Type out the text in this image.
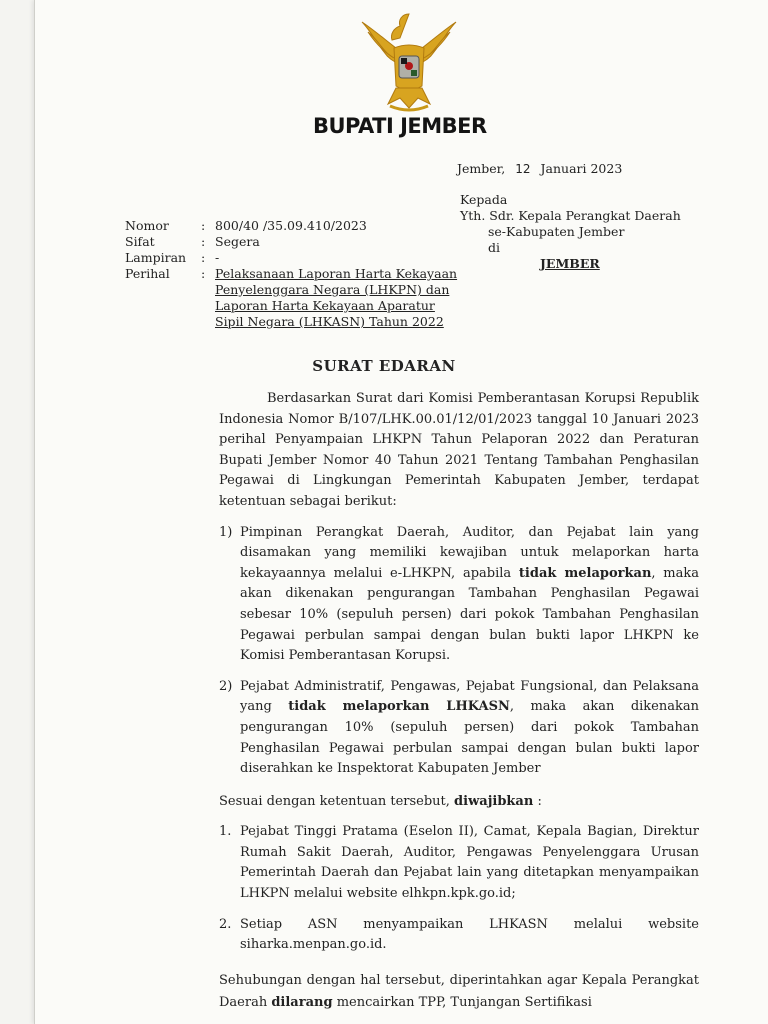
BUPATI JEMBER
Jember, 12 Januari 2023
Kepada
Yth. Sdr. Kepala Perangkat Daerah
se-Kabupaten Jember
di
JEMBER
Nomor	: 800/40 /35.09.410/2023
Sifat	: Segera
Lampiran	: -
Perihal	: Pelaksanaan Laporan Harta Kekayaan Penyelenggara Negara (LHKPN) dan Laporan Harta Kekayaan Aparatur Sipil Negara (LHKASN) Tahun 2022
SURAT EDARAN
Berdasarkan Surat dari Komisi Pemberantasan Korupsi Republik Indonesia Nomor B/107/LHK.00.01/12/01/2023 tanggal 10 Januari 2023 perihal Penyampaian LHKPN Tahun Pelaporan 2022 dan Peraturan Bupati Jember Nomor 40 Tahun 2021 Tentang Tambahan Penghasilan Pegawai di Lingkungan Pemerintah Kabupaten Jember, terdapat ketentuan sebagai berikut:
1) Pimpinan Perangkat Daerah, Auditor, dan Pejabat lain yang disamakan yang memiliki kewajiban untuk melaporkan harta kekayaannya melalui e-LHKPN, apabila tidak melaporkan, maka akan dikenakan pengurangan Tambahan Penghasilan Pegawai sebesar 10% (sepuluh persen) dari pokok Tambahan Penghasilan Pegawai perbulan sampai dengan bulan bukti lapor LHKPN ke Komisi Pemberantasan Korupsi.
2) Pejabat Administratif, Pengawas, Pejabat Fungsional, dan Pelaksana yang tidak melaporkan LHKASN, maka akan dikenakan pengurangan 10% (sepuluh persen) dari pokok Tambahan Penghasilan Pegawai perbulan sampai dengan bulan bukti lapor diserahkan ke Inspektorat Kabupaten Jember
Sesuai dengan ketentuan tersebut, diwajibkan :
1. Pejabat Tinggi Pratama (Eselon II), Camat, Kepala Bagian, Direktur Rumah Sakit Daerah, Auditor, Pengawas Penyelenggara Urusan Pemerintah Daerah dan Pejabat lain yang ditetapkan menyampaikan LHKPN melalui website elhkpn.kpk.go.id;
2. Setiap ASN menyampaikan LHKASN melalui website siharka.menpan.go.id.
Sehubungan dengan hal tersebut, diperintahkan agar Kepala Perangkat Daerah dilarang mencairkan TPP, Tunjangan Sertifikasi
